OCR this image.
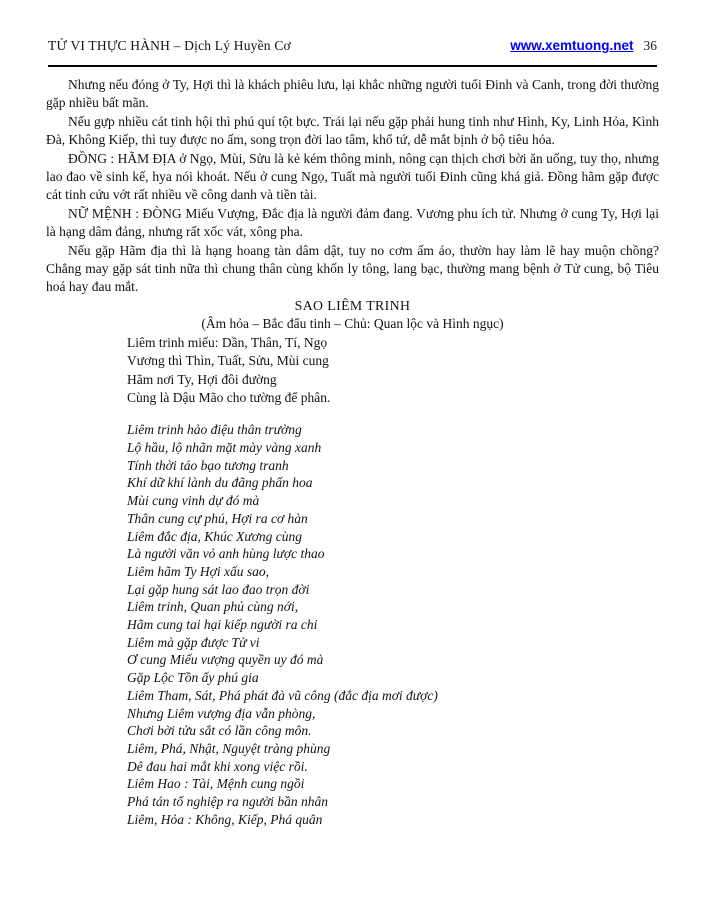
TỬ VI THỰC HÀNH – Dịch Lý Huyền Cơ	www.xemtuong.net 36

Nhưng nếu đóng ở Ty, Hợi thì là khách phiêu lưu, lại khắc những người tuổi Đinh và Canh, trong đời thường gặp nhiều bất mãn.

Nếu gựp nhiều cát tinh hội thì phú quí tột bực. Trái lại nếu gặp phải hung tinh như Hình, Ky, Linh Hỏa, Kình Đà, Không Kiếp, thì tuy được no ấm, song trọn đời lao tâm, khổ tứ, dễ mắt bịnh ở bộ tiêu hóa.

ĐỒNG : HÃM ĐỊA ở Ngọ, Mùi, Sửu là kẻ kém thông minh, nông cạn thịch chơi bời ăn uống, tuy thọ, nhưng lao đao về sinh kế, hya nói khoát. Nếu ở cung Ngọ, Tuất mà người tuổi Đinh cũng khá giả. Đồng hãm gặp được cát tinh cứu vớt rất nhiều về công danh và tiền tài.

NỮ MỆNH : ĐÒNG Miếu Vượng, Đắc địa là người đảm đang. Vương phu ích tử. Nhưng ở cung Ty, Hợi lại là hạng dâm đảng, nhưng rất xốc vát, xông pha.

Nếu gặp Hãm địa thì là hạng hoang tàn dâm dật, tuy no cơm ấm áo, thườn hay làm lẽ hay muộn chồng? Chẳng may gặp sát tinh nữa thì chung thân cùng khốn ly tông, lang bạc, thường mang bệnh ở Tử cung, bộ Tiêu hoá hay đau mắt.

SAO LIÊM TRINH

(Âm hỏa – Bắc đẩu tinh – Chủ: Quan lộc và Hình ngục)

Liêm trinh miếu: Dần, Thân, Tí, Ngọ

Vương thì Thìn, Tuất, Sửu, Mùi cung

Hãm nơi Ty, Hợi đôi đường

Cùng là Dậu Mão cho tường để phân.

Liêm trinh hảo điệu thân trường

Lộ hầu, lộ nhãn mặt mày vàng xanh

Tính thời táo bạo tương tranh

Khí dữ khí lành du đãng phấn hoa

Mùi cung vinh dự đó mà

Thân cung cự phú, Hợi ra cơ hàn

Liêm đắc địa, Khúc Xương cùng

Là người văn vỏ anh hùng lược thao

Liêm hãm Ty Hợi xấu sao,

Lại gặp hung sát lao đao trọn đời

Liêm trinh, Quan phủ cùng nới,

Hãm cung tai hại kiếp người ra chi

Liêm mà gặp được Tử vi

Ơ cung Miếu vượng quyền uy đó mà

Gặp Lộc Tồn ấy phú gia

Liêm Tham, Sát, Phá phát đà vũ công (đắc địa mơi được)

Nhưng Liêm vượng địa vẫn phòng,

Chơi bời tửu sắt có lần công môn.

Liêm, Phá, Nhật, Nguyệt tràng phùng

Dê đau hai mắt khi xong việc rồi.

Liêm Hao : Tài, Mệnh cung ngồi

Phá tán tổ nghiệp ra người bần nhân

Liêm, Hỏa : Không, Kiếp, Phá quân
